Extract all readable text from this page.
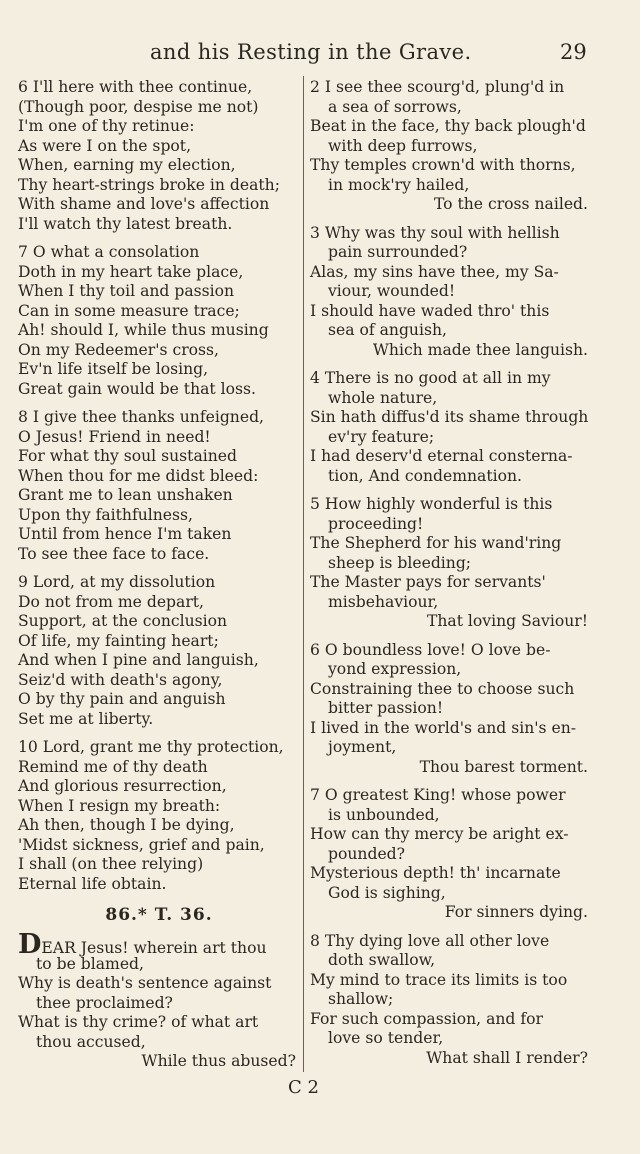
and his Resting in the Grave.	29
6 I'll here with thee continue,
(Though poor, despise me not)
I'm one of thy retinue:
As were I on the spot,
When, earning my election,
Thy heart-strings broke in death;
With shame and love's affection
I'll watch thy latest breath.
7 O what a consolation
Doth in my heart take place,
When I thy toil and passion
Can in some measure trace;
Ah! should I, while thus musing
On my Redeemer's cross,
Ev'n life itself be losing,
Great gain would be that loss.
8 I give thee thanks unfeigned,
O Jesus! Friend in need!
For what thy soul sustained
When thou for me didst bleed:
Grant me to lean unshaken
Upon thy faithfulness,
Until from hence I'm taken
To see thee face to face.
9 Lord, at my dissolution
Do not from me depart,
Support, at the conclusion
Of life, my fainting heart;
And when I pine and languish,
Seiz'd with death's agony,
O by thy pain and anguish
Set me at liberty.
10 Lord, grant me thy protection,
Remind me of thy death
And glorious resurrection,
When I resign my breath:
Ah then, though I be dying,
'Midst sickness, grief and pain,
I shall (on thee relying)
Eternal life obtain.
86.* T. 36.
DEAR Jesus! wherein art thou
to be blamed,
Why is death's sentence against
thee proclaimed?
What is thy crime? of what art
thou accused,
While thus abused?
2 I see thee scourg'd, plung'd in
a sea of sorrows,
Beat in the face, thy back plough'd
with deep furrows,
Thy temples crown'd with thorns,
in mock'ry hailed,
To the cross nailed.
3 Why was thy soul with hellish
pain surrounded?
Alas, my sins have thee, my Sa-
viour, wounded!
I should have waded thro' this
sea of anguish,
Which made thee languish.
4 There is no good at all in my
whole nature,
Sin hath diffus'd its shame through
ev'ry feature;
I had deserv'd eternal consterna-
tion, And condemnation.
5 How highly wonderful is this
proceeding!
The Shepherd for his wand'ring
sheep is bleeding;
The Master pays for servants'
misbehaviour,
That loving Saviour!
6 O boundless love! O love be-
yond expression,
Constraining thee to choose such
bitter passion!
I lived in the world's and sin's en-
joyment,
Thou barest torment.
7 O greatest King! whose power
is unbounded,
How can thy mercy be aright ex-
pounded?
Mysterious depth! th' incarnate
God is sighing,
For sinners dying.
8 Thy dying love all other love
doth swallow,
My mind to trace its limits is too
shallow;
For such compassion, and for
love so tender,
What shall I render?
C 2
